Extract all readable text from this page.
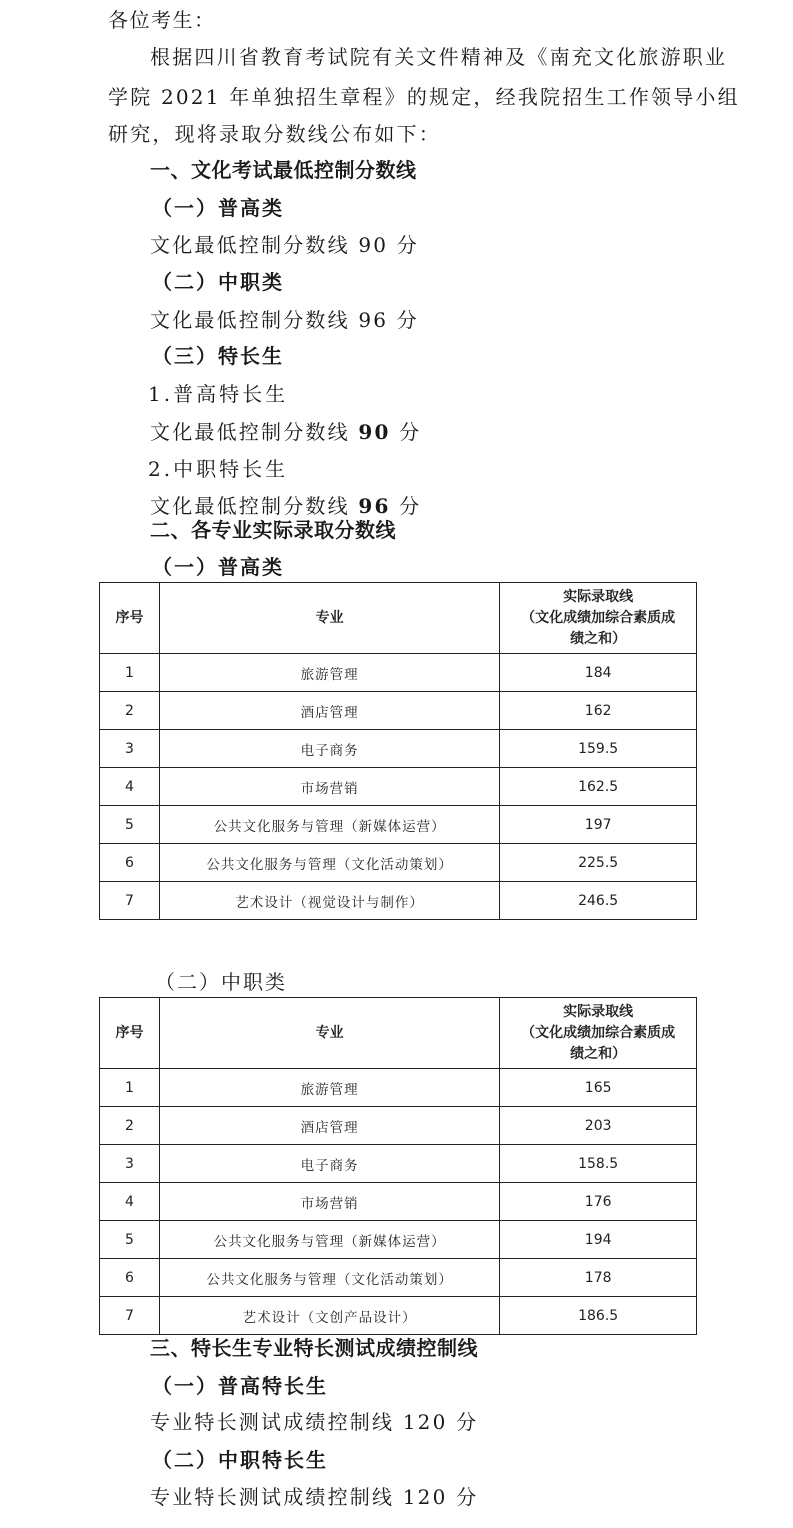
各位考生：
根据四川省教育考试院有关文件精神及《南充文化旅游职业
学院 2021 年单独招生章程》的规定，经我院招生工作领导小组
研究，现将录取分数线公布如下：
一、文化考试最低控制分数线
（一）普高类
文化最低控制分数线 90 分
（二）中职类
文化最低控制分数线 96 分
（三）特长生
1.普高特长生
文化最低控制分数线 90 分
2.中职特长生
文化最低控制分数线 96 分
二、各专业实际录取分数线
（一）普高类
序号	专业	实际录取线
（文化成绩加综合素质成
绩之和）

1	旅游管理	184
2	酒店管理	162
3	电子商务	159.5
4	市场营销	162.5
5	公共文化服务与管理（新媒体运营）	197
6	公共文化服务与管理（文化活动策划）	225.5
7	艺术设计（视觉设计与制作）	246.5
（二）中职类
序号	专业	实际录取线
（文化成绩加综合素质成
绩之和）

1	旅游管理	165
2	酒店管理	203
3	电子商务	158.5
4	市场营销	176
5	公共文化服务与管理（新媒体运营）	194
6	公共文化服务与管理（文化活动策划）	178
7	艺术设计（文创产品设计）	186.5
三、特长生专业特长测试成绩控制线
（一）普高特长生
专业特长测试成绩控制线 120 分
（二）中职特长生
专业特长测试成绩控制线 120 分
